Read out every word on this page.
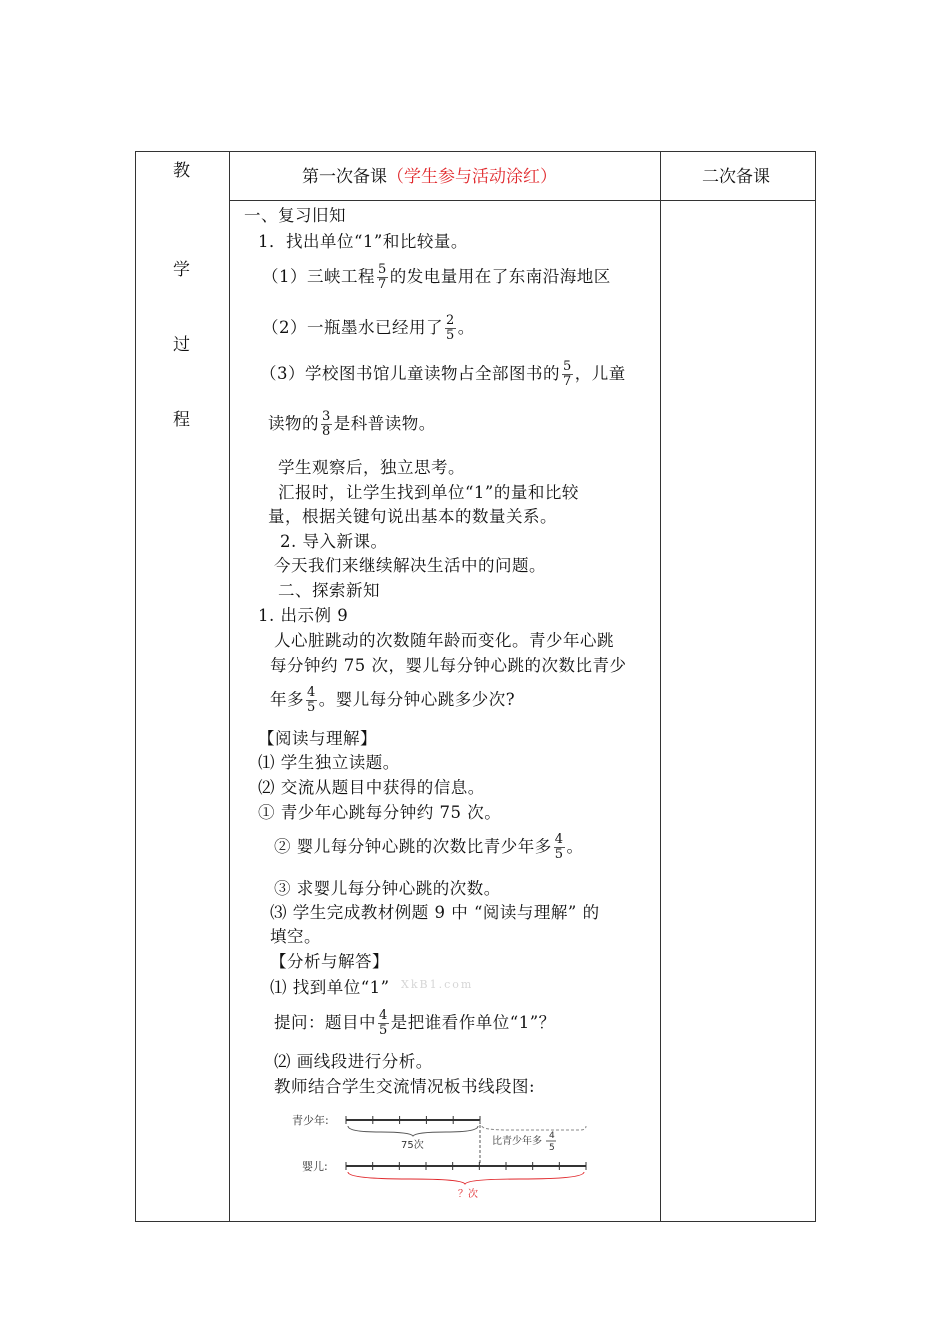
教
学
过
程
第一次备课（学生参与活动涂红）	二次备课
一、复习旧知
1．找出单位“1”和比较量。
（1）三峡工程 $\frac{5}{7}$ 的发电量用在了东南沿海地区
（2）一瓶墨水已经用了 $\frac{2}{5}$ 。
（3）学校图书馆儿童读物占全部图书的 $\frac{5}{7}$ ，儿童
读物的 $\frac{3}{8}$ 是科普读物。
学生观察后，独立思考。
汇报时，让学生找到单位“1”的量和比较
量，根据关键句说出基本的数量关系。
2. 导入新课。
今天我们来继续解决生活中的问题。
二、探索新知
1. 出示例 9
人心脏跳动的次数随年龄而变化。青少年心跳
每分钟约 75 次，婴儿每分钟心跳的次数比青少
年多 $\frac{4}{5}$ 。婴儿每分钟心跳多少次?
【阅读与理解】
⑴ 学生独立读题。
⑵ 交流从题目中获得的信息。
① 青少年心跳每分钟约 75 次。
② 婴儿每分钟心跳的次数比青少年多 $\frac{4}{5}$ 。
③ 求婴儿每分钟心跳的次数。
⑶ 学生完成教材例题 9 中 “阅读与理解” 的
填空。
【分析与解答】
⑴ 找到单位“1” XkB1.com
提问：题目中 $\frac{4}{5}$ 是把谁看作单位“1”？
⑵ 画线段进行分析。
教师结合学生交流情况板书线段图:
青少年:
75次	比青少年多 4
5
婴儿:
？次
